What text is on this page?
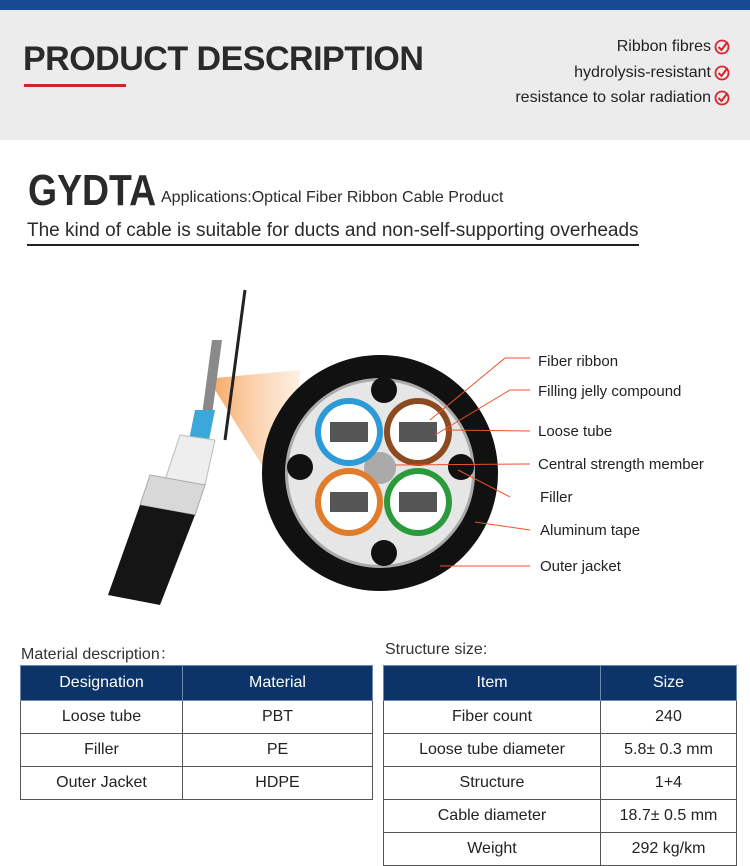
PRODUCT DESCRIPTION	Ribbon fibres
hydrolysis-resistant
resistance to solar radiation
GYDTA Applications:Optical Fiber Ribbon Cable Product
The kind of cable is suitable for ducts and non-self-supporting overheads
Fiber ribbon
Filling jelly compound
Loose tube
Central strength member
Filler
Aluminum tape
Outer jacket
Material description：	Structure size:
Designation	Material
Loose tube	PBT
Filler	PE
Outer Jacket	HDPE
Item	Size
Fiber count	240
Loose tube diameter	5.8± 0.3 mm
Structure	1+4
Cable diameter	18.7± 0.5 mm
Weight	292 kg/km
